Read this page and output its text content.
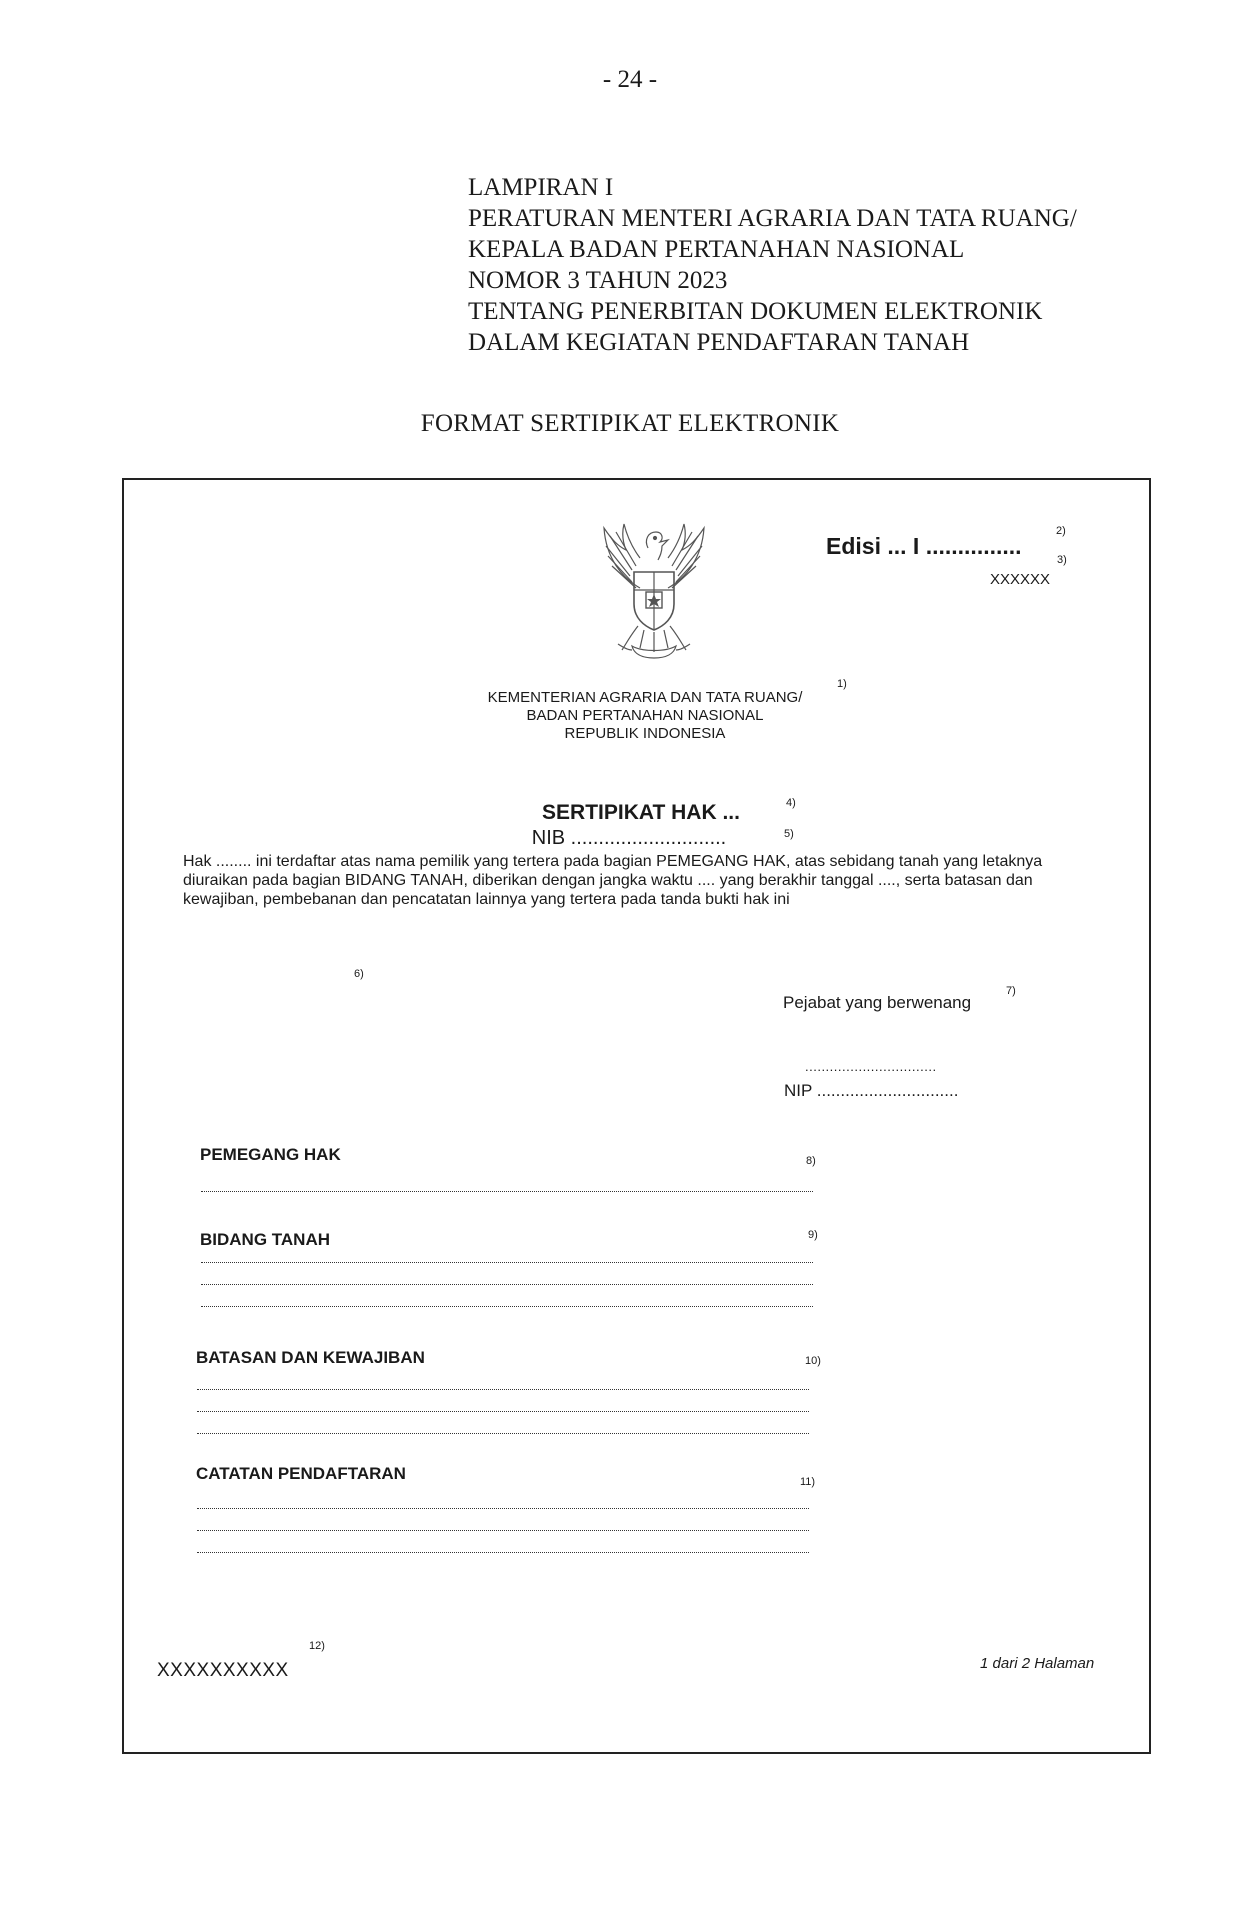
- 24 -
LAMPIRAN I
PERATURAN MENTERI AGRARIA DAN TATA RUANG/
KEPALA BADAN PERTANAHAN NASIONAL
NOMOR 3 TAHUN 2023
TENTANG PENERBITAN DOKUMEN ELEKTRONIK
DALAM KEGIATAN PENDAFTARAN TANAH
FORMAT SERTIPIKAT ELEKTRONIK
Edisi ... I ...............
2)
3)
XXXXXX
KEMENTERIAN AGRARIA DAN TATA RUANG/
BADAN PERTANAHAN NASIONAL
REPUBLIK INDONESIA
1)
SERTIPIKAT HAK ...	4)
NIB ............................	5)
Hak ........ ini terdaftar atas nama pemilik yang tertera pada bagian PEMEGANG HAK, atas sebidang tanah yang letaknya diuraikan pada bagian BIDANG TANAH, diberikan dengan jangka waktu .... yang berakhir tanggal ...., serta batasan dan kewajiban, pembebanan dan pencatatan lainnya yang tertera pada tanda bukti hak ini
6)
Pejabat yang berwenang
7)
................................
NIP ..............................
PEMEGANG HAK	8)
BIDANG TANAH	9)
BATASAN DAN KEWAJIBAN	10)
CATATAN PENDAFTARAN	11)
12)
XXXXXXXXXX	1 dari 2 Halaman
